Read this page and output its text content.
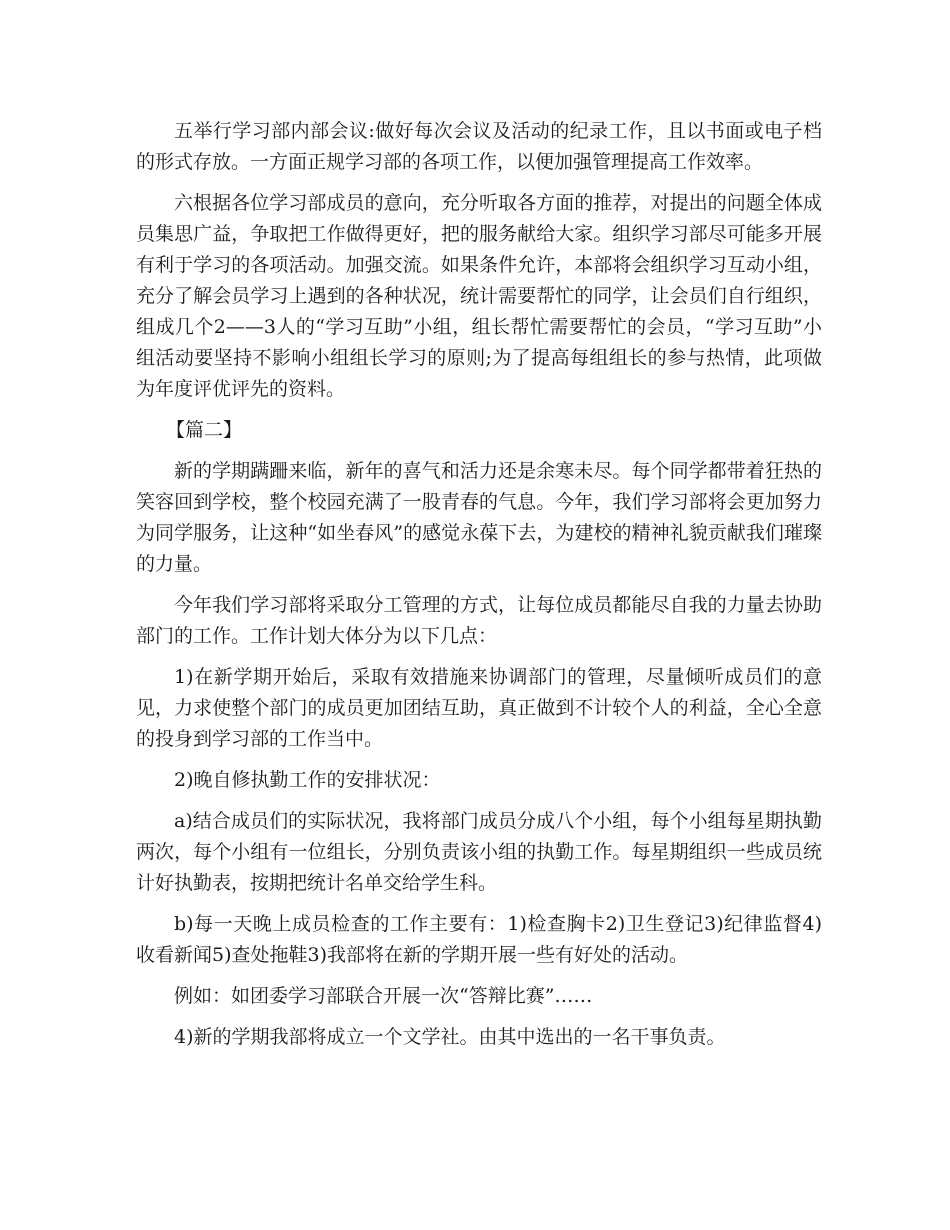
五举行学习部内部会议:做好每次会议及活动的纪录工作，且以书面或电子档的形式存放。一方面正规学习部的各项工作，以便加强管理提高工作效率。

六根据各位学习部成员的意向，充分听取各方面的推荐，对提出的问题全体成员集思广益，争取把工作做得更好，把的服务献给大家。组织学习部尽可能多开展有利于学习的各项活动。加强交流。如果条件允许，本部将会组织学习互动小组，充分了解会员学习上遇到的各种状况，统计需要帮忙的同学，让会员们自行组织，组成几个2——3人的“学习互助”小组，组长帮忙需要帮忙的会员，“学习互助”小组活动要坚持不影响小组组长学习的原则;为了提高每组组长的参与热情，此项做为年度评优评先的资料。

【篇二】

新的学期蹒跚来临，新年的喜气和活力还是余寒未尽。每个同学都带着狂热的笑容回到学校，整个校园充满了一股青春的气息。今年，我们学习部将会更加努力为同学服务，让这种“如坐春风”的感觉永葆下去，为建校的精神礼貌贡献我们璀璨的力量。

今年我们学习部将采取分工管理的方式，让每位成员都能尽自我的力量去协助部门的工作。工作计划大体分为以下几点：

1)在新学期开始后，采取有效措施来协调部门的管理，尽量倾听成员们的意见，力求使整个部门的成员更加团结互助，真正做到不计较个人的利益，全心全意的投身到学习部的工作当中。

2)晚自修执勤工作的安排状况：

a)结合成员们的实际状况，我将部门成员分成八个小组，每个小组每星期执勤两次，每个小组有一位组长，分别负责该小组的执勤工作。每星期组织一些成员统计好执勤表，按期把统计名单交给学生科。

b)每一天晚上成员检查的工作主要有：1)检查胸卡2)卫生登记3)纪律监督4)收看新闻5)查处拖鞋3)我部将在新的学期开展一些有好处的活动。

例如：如团委学习部联合开展一次“答辩比赛”……

4)新的学期我部将成立一个文学社。由其中选出的一名干事负责。
